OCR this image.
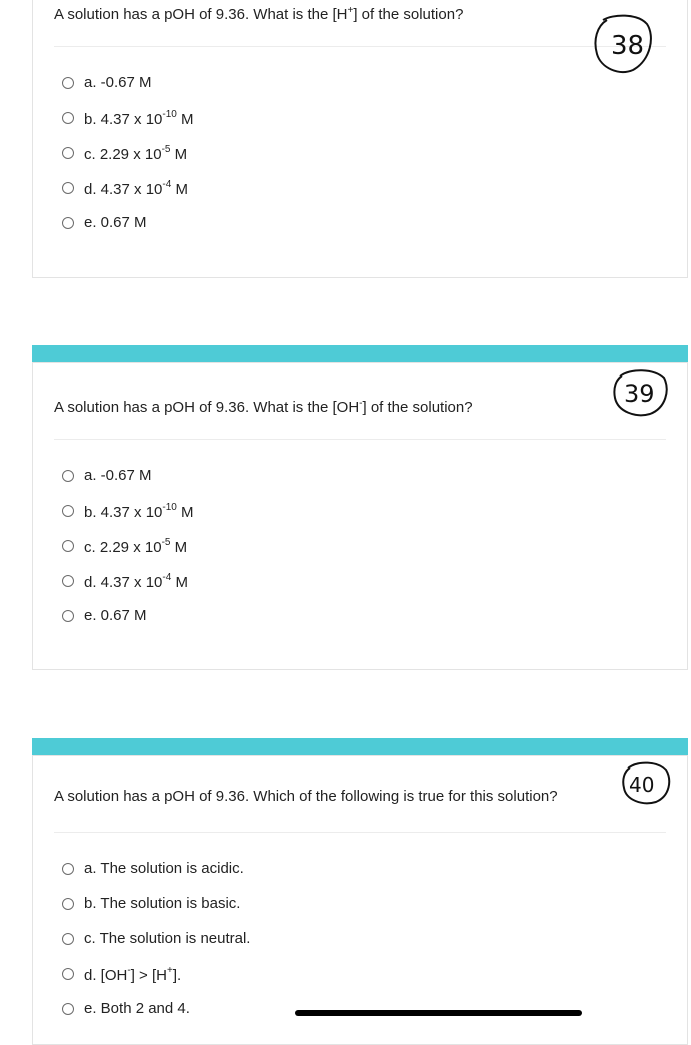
A solution has a pOH of 9.36. What is the [H+] of the solution?
a. -0.67 M
b. 4.37 x $10^{-10}$ M
c. 2.29 x $10^{-5}$ M
d. 4.37 x $10^{-4}$ M
e. 0.67 M
38
A solution has a pOH of 9.36. What is the [OH-] of the solution?
a. -0.67 M
b. 4.37 x $10^{-10}$ M
c. 2.29 x $10^{-5}$ M
d. 4.37 x $10^{-4}$ M
e. 0.67 M
39
A solution has a pOH of 9.36. Which of the following is true for this solution?
a. The solution is acidic.
b. The solution is basic.
c. The solution is neutral.
d. [OH-] > [H+].
e. Both 2 and 4.
40
